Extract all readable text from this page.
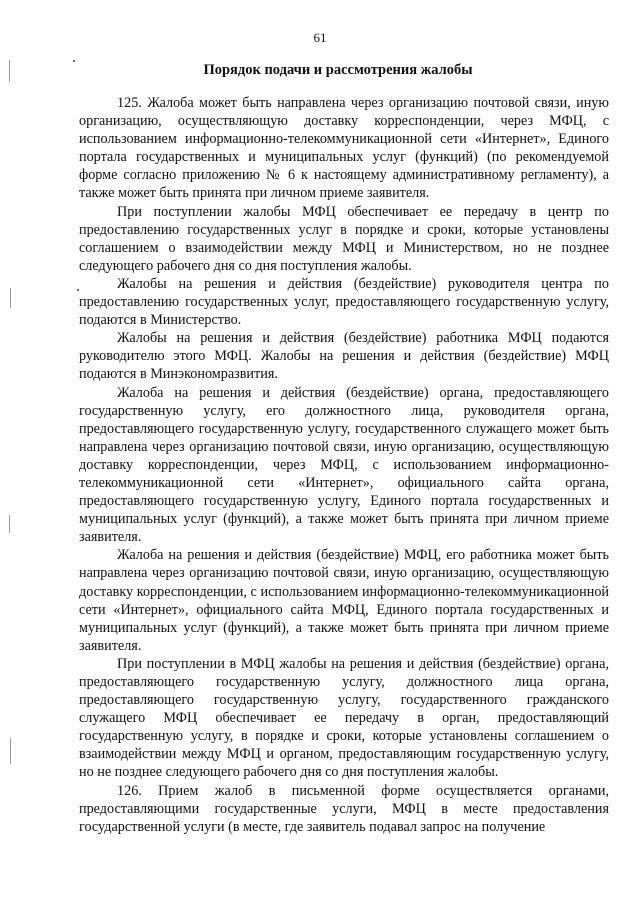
61
Порядок подачи и рассмотрения жалобы

125. Жалоба может быть направлена через организацию почтовой связи, иную организацию, осуществляющую доставку корреспонденции, через МФЦ, с использованием информационно-телекоммуникационной сети «Интернет», Единого портала государственных и муниципальных услуг (функций) (по рекомендуемой форме согласно приложению № 6 к настоящему административному регламенту), а также может быть принята при личном приеме заявителя.

При поступлении жалобы МФЦ обеспечивает ее передачу в центр по предоставлению государственных услуг в порядке и сроки, которые установлены соглашением о взаимодействии между МФЦ и Министерством, но не позднее следующего рабочего дня со дня поступления жалобы.

Жалобы на решения и действия (бездействие) руководителя центра по предоставлению государственных услуг, предоставляющего государственную услугу, подаются в Министерство.

Жалобы на решения и действия (бездействие) работника МФЦ подаются руководителю этого МФЦ. Жалобы на решения и действия (бездействие) МФЦ подаются в Минэкономразвития.

Жалоба на решения и действия (бездействие) органа, предоставляющего государственную услугу, его должностного лица, руководителя органа, предоставляющего государственную услугу, государственного служащего может быть направлена через организацию почтовой связи, иную организацию, осуществляющую доставку корреспонденции, через МФЦ, с использованием информационно-телекоммуникационной сети «Интернет», официального сайта органа, предоставляющего государственную услугу, Единого портала государственных и муниципальных услуг (функций), а также может быть принята при личном приеме заявителя.

Жалоба на решения и действия (бездействие) МФЦ, его работника может быть направлена через организацию почтовой связи, иную организацию, осуществляющую доставку корреспонденции, с использованием информационно-телекоммуникационной сети «Интернет», официального сайта МФЦ, Единого портала государственных и муниципальных услуг (функций), а также может быть принята при личном приеме заявителя.

При поступлении в МФЦ жалобы на решения и действия (бездействие) органа, предоставляющего государственную услугу, должностного лица органа, предоставляющего государственную услугу, государственного гражданского служащего МФЦ обеспечивает ее передачу в орган, предоставляющий государственную услугу, в порядке и сроки, которые установлены соглашением о взаимодействии между МФЦ и органом, предоставляющим государственную услугу, но не позднее следующего рабочего дня со дня поступления жалобы.

126. Прием жалоб в письменной форме осуществляется органами, предоставляющими государственные услуги, МФЦ в месте предоставления государственной услуги (в месте, где заявитель подавал запрос на получение
